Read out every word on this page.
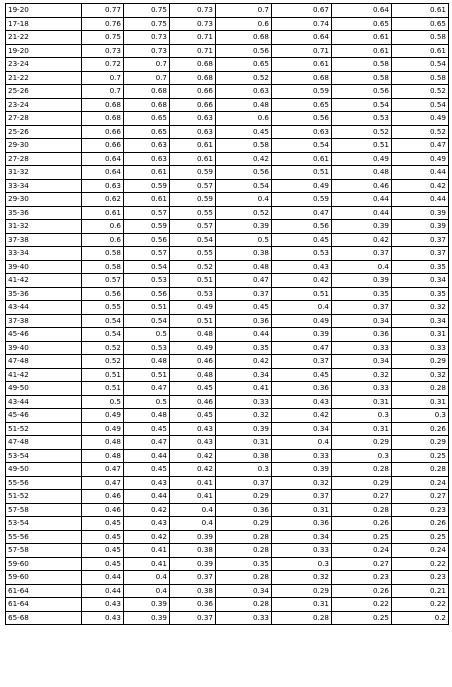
19-20	0.77	0.75	0.73	0.7	0.67	0.64	0.61
17-18	0.76	0.75	0.73	0.6	0.74	0.65	0.65
21-22	0.75	0.73	0.71	0.68	0.64	0.61	0.58
19-20	0.73	0.73	0.71	0.56	0.71	0.61	0.61
23-24	0.72	0.7	0.68	0.65	0.61	0.58	0.54
21-22	0.7	0.7	0.68	0.52	0.68	0.58	0.58
25-26	0.7	0.68	0.66	0.63	0.59	0.56	0.52
23-24	0.68	0.68	0.66	0.48	0.65	0.54	0.54
27-28	0.68	0.65	0.63	0.6	0.56	0.53	0.49
25-26	0.66	0.65	0.63	0.45	0.63	0.52	0.52
29-30	0.66	0.63	0.61	0.58	0.54	0.51	0.47
27-28	0.64	0.63	0.61	0.42	0.61	0.49	0.49
31-32	0.64	0.61	0.59	0.56	0.51	0.48	0.44
33-34	0.63	0.59	0.57	0.54	0.49	0.46	0.42
29-30	0.62	0.61	0.59	0.4	0.59	0.44	0.44
35-36	0.61	0.57	0.55	0.52	0.47	0.44	0.39
31-32	0.6	0.59	0.57	0.39	0.56	0.39	0.39
37-38	0.6	0.56	0.54	0.5	0.45	0.42	0.37
33-34	0.58	0.57	0.55	0.38	0.53	0.37	0.37
39-40	0.58	0.54	0.52	0.48	0.43	0.4	0.35
41-42	0.57	0.53	0.51	0.47	0.42	0.39	0.34
35-36	0.56	0.56	0.53	0.37	0.51	0.35	0.35
43-44	0.55	0.51	0.49	0.45	0.4	0.37	0.32
37-38	0.54	0.54	0.51	0.36	0.49	0.34	0.34
45-46	0.54	0.5	0.48	0.44	0.39	0.36	0.31
39-40	0.52	0.53	0.49	0.35	0.47	0.33	0.33
47-48	0.52	0.48	0.46	0.42	0.37	0.34	0.29
41-42	0.51	0.51	0.48	0.34	0.45	0.32	0.32
49-50	0.51	0.47	0.45	0.41	0.36	0.33	0.28
43-44	0.5	0.5	0.46	0.33	0.43	0.31	0.31
45-46	0.49	0.48	0.45	0.32	0.42	0.3	0.3
51-52	0.49	0.45	0.43	0.39	0.34	0.31	0.26
47-48	0.48	0.47	0.43	0.31	0.4	0.29	0.29
53-54	0.48	0.44	0.42	0.38	0.33	0.3	0.25
49-50	0.47	0.45	0.42	0.3	0.39	0.28	0.28
55-56	0.47	0.43	0.41	0.37	0.32	0.29	0.24
51-52	0.46	0.44	0.41	0.29	0.37	0.27	0.27
57-58	0.46	0.42	0.4	0.36	0.31	0.28	0.23
53-54	0.45	0.43	0.4	0.29	0.36	0.26	0.26
55-56	0.45	0.42	0.39	0.28	0.34	0.25	0.25
57-58	0.45	0.41	0.38	0.28	0.33	0.24	0.24
59-60	0.45	0.41	0.39	0.35	0.3	0.27	0.22
59-60	0.44	0.4	0.37	0.28	0.32	0.23	0.23
61-64	0.44	0.4	0.38	0.34	0.29	0.26	0.21
61-64	0.43	0.39	0.36	0.28	0.31	0.22	0.22
65-68	0.43	0.39	0.37	0.33	0.28	0.25	0.2
